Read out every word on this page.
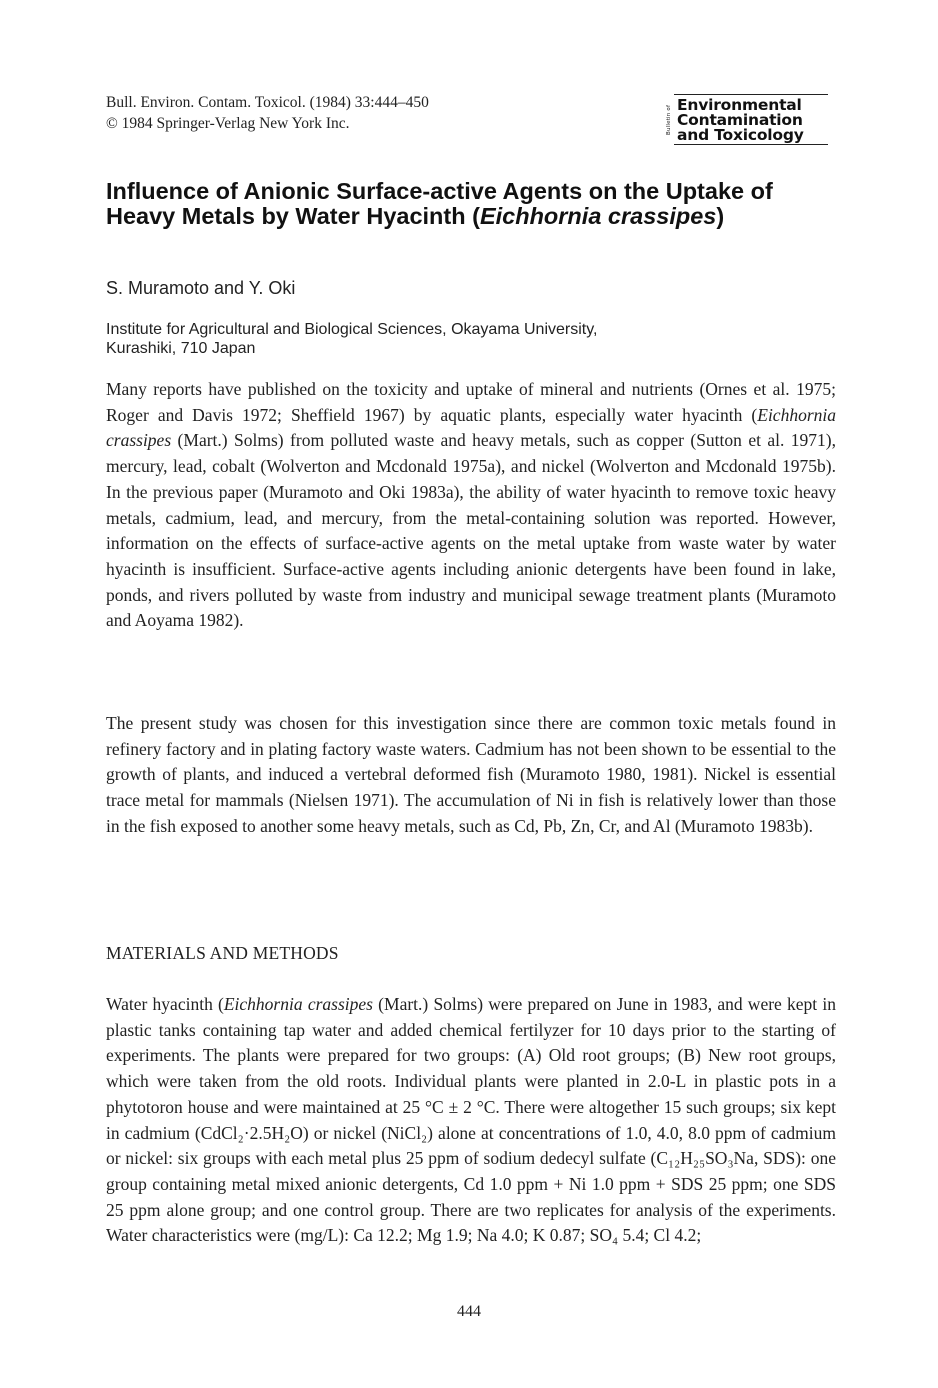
Bull. Environ. Contam. Toxicol. (1984) 33:444–450
© 1984 Springer-Verlag New York Inc.	Bulletin of Environmental
Contamination
and Toxicology
Influence of Anionic Surface-active Agents on the Uptake of Heavy Metals by Water Hyacinth (Eichhornia crassipes)
S. Muramoto and Y. Oki
Institute for Agricultural and Biological Sciences, Okayama University,
Kurashiki, 710 Japan
Many reports have published on the toxicity and uptake of mineral and nutrients (Ornes et al. 1975; Roger and Davis 1972; Sheffield 1967) by aquatic plants, especially water hyacinth (Eichhornia crassipes (Mart.) Solms) from polluted waste and heavy metals, such as copper (Sutton et al. 1971), mercury, lead, cobalt (Wolverton and Mcdonald 1975a), and nickel (Wolverton and Mcdonald 1975b). In the previous paper (Muramoto and Oki 1983a), the ability of water hyacinth to remove toxic heavy metals, cadmium, lead, and mercury, from the metal-containing solution was reported. However, information on the effects of surface-active agents on the metal uptake from waste water by water hyacinth is insufficient. Surface-active agents including anionic detergents have been found in lake, ponds, and rivers polluted by waste from industry and municipal sewage treatment plants (Muramoto and Aoyama 1982).
The present study was chosen for this investigation since there are common toxic metals found in refinery factory and in plating factory waste waters. Cadmium has not been shown to be essential to the growth of plants, and induced a vertebral deformed fish (Muramoto 1980, 1981). Nickel is essential trace metal for mammals (Nielsen 1971). The accumulation of Ni in fish is relatively lower than those in the fish exposed to another some heavy metals, such as Cd, Pb, Zn, Cr, and Al (Muramoto 1983b).
MATERIALS AND METHODS
Water hyacinth (Eichhornia crassipes (Mart.) Solms) were prepared on June in 1983, and were kept in plastic tanks containing tap water and added chemical fertilyzer for 10 days prior to the starting of experiments. The plants were prepared for two groups: (A) Old root groups; (B) New root groups, which were taken from the old roots. Individual plants were planted in 2.0-L in plastic pots in a phytotoron house and were maintained at 25 °C ± 2 °C. There were altogether 15 such groups; six kept in cadmium (CdCl₂·2.5H₂O) or nickel (NiCl₂) alone at concentrations of 1.0, 4.0, 8.0 ppm of cadmium or nickel: six groups with each metal plus 25 ppm of sodium dedecyl sulfate (C₁₂H₂₅SO₃Na, SDS): one group containing metal mixed anionic detergents, Cd 1.0 ppm + Ni 1.0 ppm + SDS 25 ppm; one SDS 25 ppm alone group; and one control group. There are two replicates for analysis of the experiments. Water characteristics were (mg/L): Ca 12.2; Mg 1.9; Na 4.0; K 0.87; SO₄ 5.4; Cl 4.2;
444
